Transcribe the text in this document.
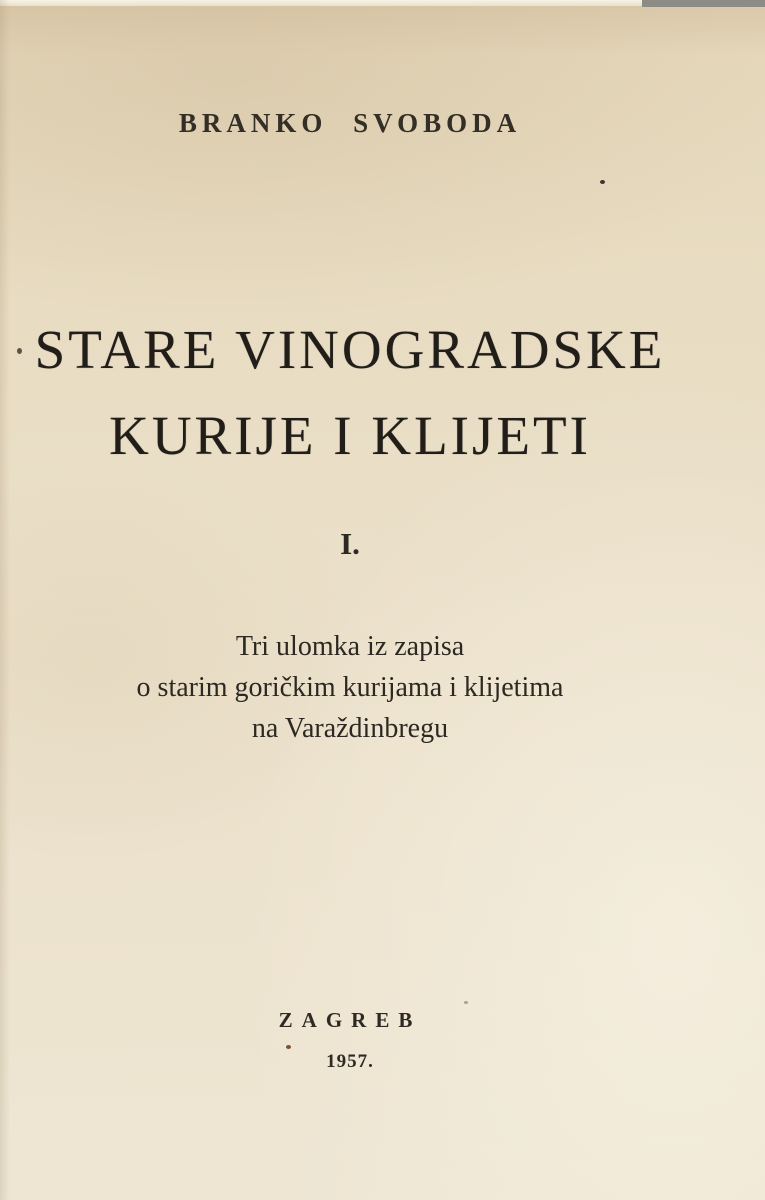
BRANKO SVOBODA
STARE VINOGRADSKE
KURIJE I KLIJETI
I.
Tri ulomka iz zapisa
o starim goričkim kurijama i klijetima
na Varaždinbregu
ZAGREB
1957.
